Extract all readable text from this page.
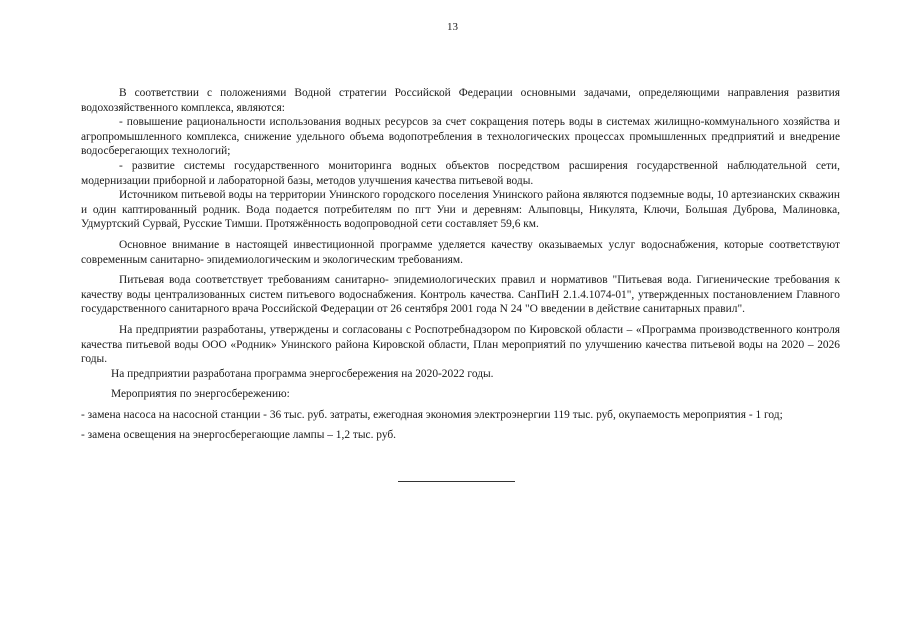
13

В соответствии с положениями Водной стратегии Российской Федерации основными задачами, определяющими направления развития водохозяйственного комплекса, являются:

- повышение рациональности использования водных ресурсов за счет сокращения потерь воды в системах жилищно-коммунального хозяйства и агропромышленного комплекса, снижение удельного объема водопотребления в технологических процессах промышленных предприятий и внедрение водосберегающих технологий;

- развитие системы государственного мониторинга водных объектов посредством расширения государственной наблюдательной сети, модернизации приборной и лабораторной базы, методов улучшения качества питьевой воды.

Источником питьевой воды на территории Унинского городского поселения Унинского района являются подземные воды, 10 артезианских скважин и один каптированный родник. Вода подается потребителям по пгт Уни и деревням: Алыповцы, Никулята, Ключи, Большая Дуброва, Малиновка, Удмуртский Сурвай, Русские Тимши. Протяжённость водопроводной сети составляет 59,6 км.

Основное внимание в настоящей инвестиционной программе уделяется качеству оказываемых услуг водоснабжения, которые соответствуют современным санитарно- эпидемиологическим и экологическим требованиям.

Питьевая вода соответствует требованиям санитарно- эпидемиологических правил и нормативов "Питьевая вода. Гигиенические требования к качеству воды централизованных систем питьевого водоснабжения. Контроль качества. СанПиН 2.1.4.1074-01", утвержденных постановлением Главного государственного санитарного врача Российской Федерации от 26 сентября 2001 года N 24 "О введении в действие санитарных правил".

На предприятии разработаны, утверждены и согласованы с Роспотребнадзором по Кировской области – «Программа производственного контроля качества питьевой воды ООО «Родник» Унинского района Кировской области, План мероприятий по улучшению качества питьевой воды на 2020 – 2026 годы.

На предприятии разработана программа энергосбережения на 2020-2022 годы.

Мероприятия по энергосбережению:

- замена насоса на насосной станции - 36 тыс. руб. затраты, ежегодная экономия электроэнергии 119 тыс. руб, окупаемость мероприятия - 1 год;

- замена освещения на энергосберегающие лампы – 1,2 тыс. руб.
